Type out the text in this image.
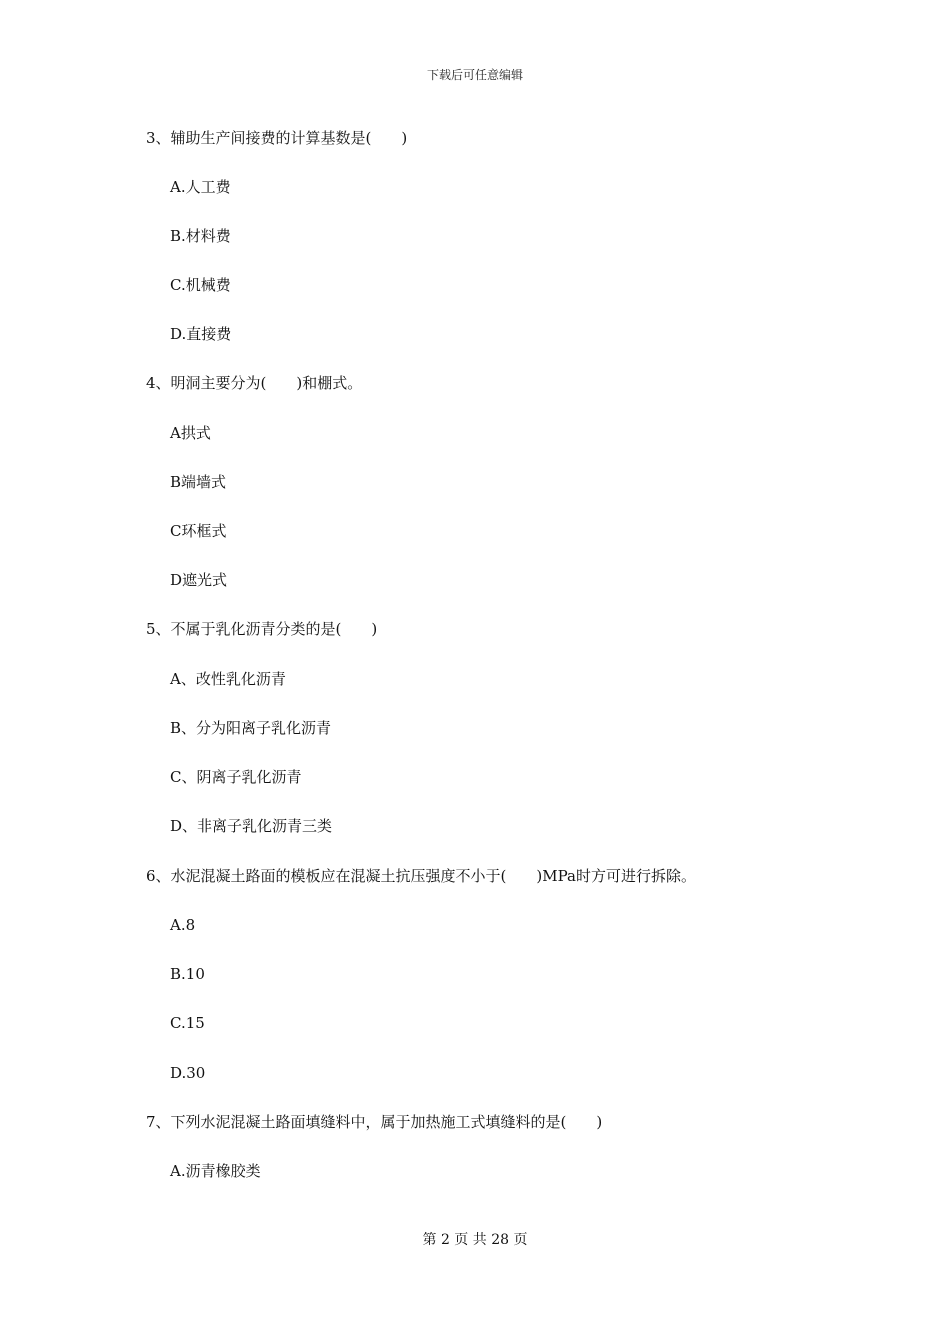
下载后可任意编辑
3、辅助生产间接费的计算基数是(　　)
A.人工费
B.材料费
C.机械费
D.直接费
4、明洞主要分为(　　)和棚式。
A拱式
B端墙式
C环框式
D遮光式
5、不属于乳化沥青分类的是(　　)
A、改性乳化沥青
B、分为阳离子乳化沥青
C、阴离子乳化沥青
D、非离子乳化沥青三类
6、水泥混凝土路面的模板应在混凝土抗压强度不小于(　　)MPa时方可进行拆除。
A.8
B.10
C.15
D.30
7、下列水泥混凝土路面填缝料中，属于加热施工式填缝料的是(　　)
A.沥青橡胶类
第 2 页 共 28 页
